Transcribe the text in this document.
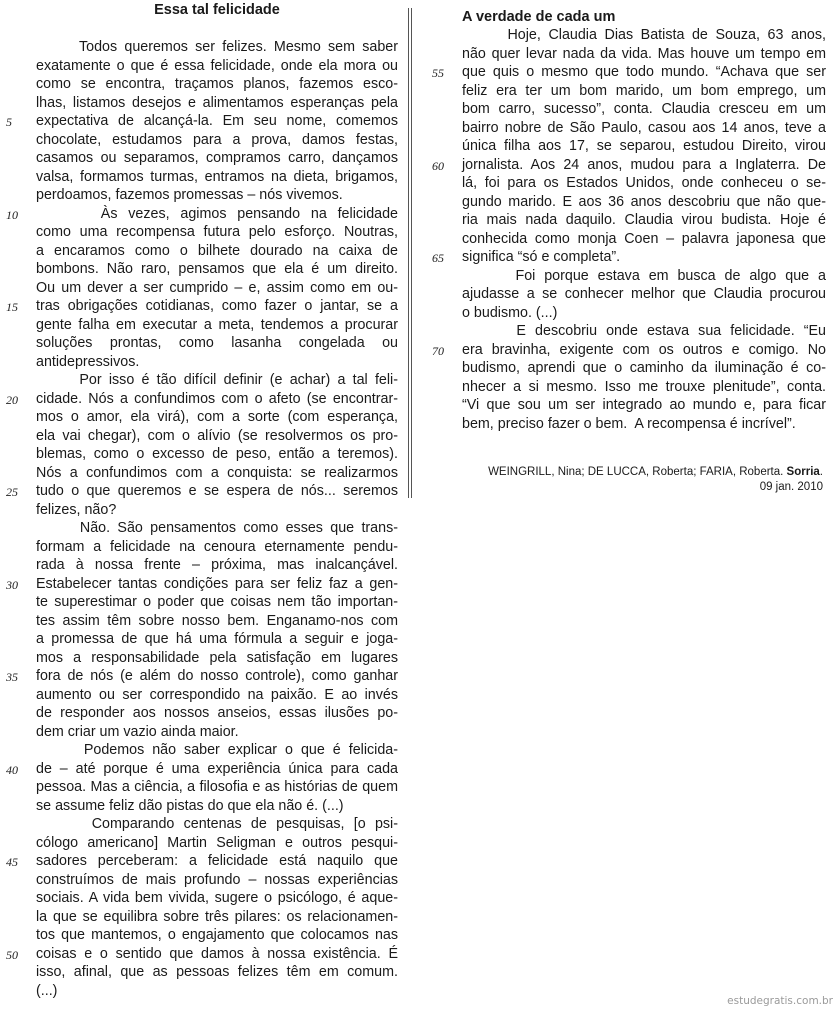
Essa tal felicidade
Todos queremos ser felizes. Mesmo sem saber
exatamente o que é essa felicidade, onde ela mora ou
como se encontra, traçamos planos, fazemos esco-
lhas, listamos desejos e alimentamos esperanças pela
expectativa de alcançá-la. Em seu nome, comemos
chocolate, estudamos para a prova, damos festas,
casamos ou separamos, compramos carro, dançamos
valsa, formamos turmas, entramos na dieta, brigamos,
perdoamos, fazemos promessas – nós vivemos.
Às vezes, agimos pensando na felicidade
como uma recompensa futura pelo esforço. Noutras,
a encaramos como o bilhete dourado na caixa de
bombons. Não raro, pensamos que ela é um direito.
Ou um dever a ser cumprido – e, assim como em ou-
tras obrigações cotidianas, como fazer o jantar, se a
gente falha em executar a meta, tendemos a procurar
soluções prontas, como lasanha congelada ou
antidepressivos.
Por isso é tão difícil definir (e achar) a tal feli-
cidade. Nós a confundimos com o afeto (se encontrar-
mos o amor, ela virá), com a sorte (com esperança,
ela vai chegar), com o alívio (se resolvermos os pro-
blemas, como o excesso de peso, então a teremos).
Nós a confundimos com a conquista: se realizarmos
tudo o que queremos e se espera de nós... seremos
felizes, não?
Não. São pensamentos como esses que trans-
formam a felicidade na cenoura eternamente pendu-
rada à nossa frente – próxima, mas inalcançável.
Estabelecer tantas condições para ser feliz faz a gen-
te superestimar o poder que coisas nem tão importan-
tes assim têm sobre nosso bem. Enganamo-nos com
a promessa de que há uma fórmula a seguir e joga-
mos a responsabilidade pela satisfação em lugares
fora de nós (e além do nosso controle), como ganhar
aumento ou ser correspondido na paixão. E ao invés
de responder aos nossos anseios, essas ilusões po-
dem criar um vazio ainda maior.
Podemos não saber explicar o que é felicida-
de – até porque é uma experiência única para cada
pessoa. Mas a ciência, a filosofia e as histórias de quem
se assume feliz dão pistas do que ela não é. (...)
Comparando centenas de pesquisas, [o psi-
cólogo americano] Martin Seligman e outros pesqui-
sadores perceberam: a felicidade está naquilo que
construímos de mais profundo – nossas experiências
sociais. A vida bem vivida, sugere o psicólogo, é aque-
la que se equilibra sobre três pilares: os relacionamen-
tos que mantemos, o engajamento que colocamos nas
coisas e o sentido que damos à nossa existência. É
isso, afinal, que as pessoas felizes têm em comum.
(...)
A verdade de cada um
Hoje, Claudia Dias Batista de Souza, 63 anos,
não quer levar nada da vida. Mas houve um tempo em
que quis o mesmo que todo mundo. “Achava que ser
feliz era ter um bom marido, um bom emprego, um
bom carro, sucesso”, conta. Claudia cresceu em um
bairro nobre de São Paulo, casou aos 14 anos, teve a
única filha aos 17, se separou, estudou Direito, virou
jornalista. Aos 24 anos, mudou para a Inglaterra. De
lá, foi para os Estados Unidos, onde conheceu o se-
gundo marido. E aos 36 anos descobriu que não que-
ria mais nada daquilo. Claudia virou budista. Hoje é
conhecida como monja Coen – palavra japonesa que
significa “só e completa”.
Foi porque estava em busca de algo que a
ajudasse a se conhecer melhor que Claudia procurou
o budismo. (...)
E descobriu onde estava sua felicidade. “Eu
era bravinha, exigente com os outros e comigo. No
budismo, aprendi que o caminho da iluminação é co-
nhecer a si mesmo. Isso me trouxe plenitude”, conta.
“Vi que sou um ser integrado ao mundo e, para ficar
bem, preciso fazer o bem.  A recompensa é incrível”.
5
10
15
20
25
30
35
40
45
50
55
60
65
70
WEINGRILL, Nina; DE LUCCA, Roberta; FARIA, Roberta. Sorria.
09 jan. 2010
estudegratis.com.br
